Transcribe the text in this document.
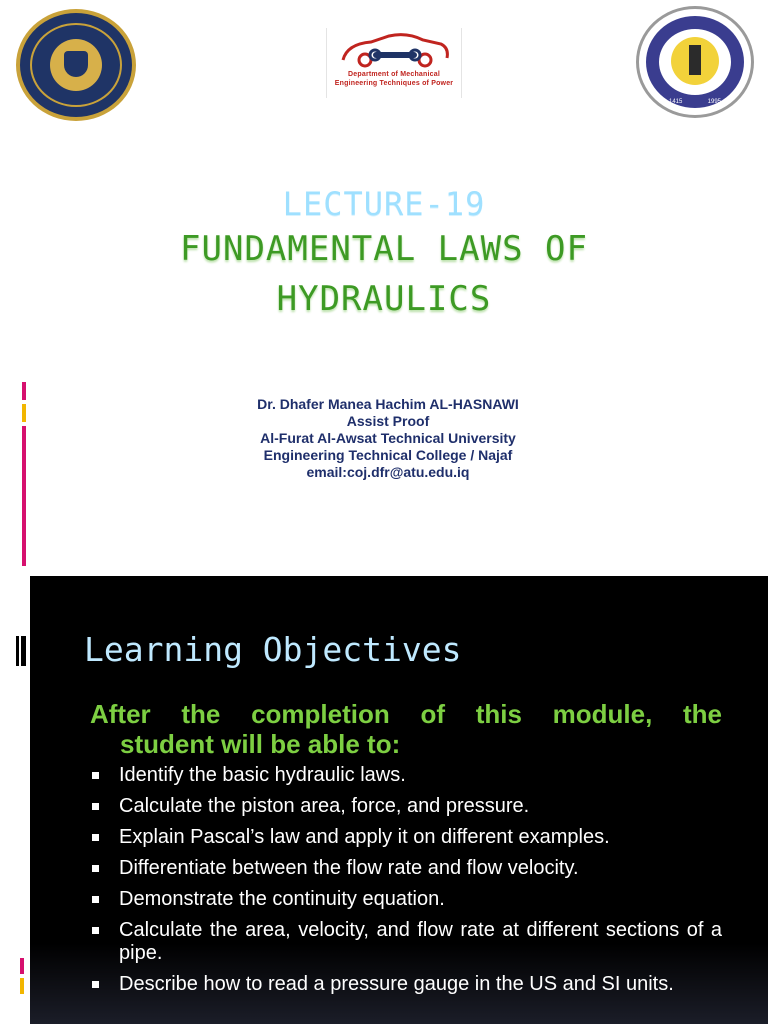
Department of Mechanical
Engineering Techniques of Power
1415	1995
LECTURE-19
FUNDAMENTAL LAWS OF
HYDRAULICS
Dr. Dhafer Manea Hachim AL-HASNAWI
Assist Proof
Al-Furat Al-Awsat Technical University
Engineering Technical College / Najaf
email:coj.dfr@atu.edu.iq
Learning Objectives
After the completion of this module, the
student will be able to:
Identify the basic hydraulic laws.
Calculate the piston area, force, and pressure.
Explain Pascal’s law and apply it on different examples.
Differentiate between the flow rate and flow velocity.
Demonstrate the continuity equation.
Calculate the area, velocity, and flow rate at different sections of a pipe.
Describe how to read a pressure gauge in the US and SI units.
